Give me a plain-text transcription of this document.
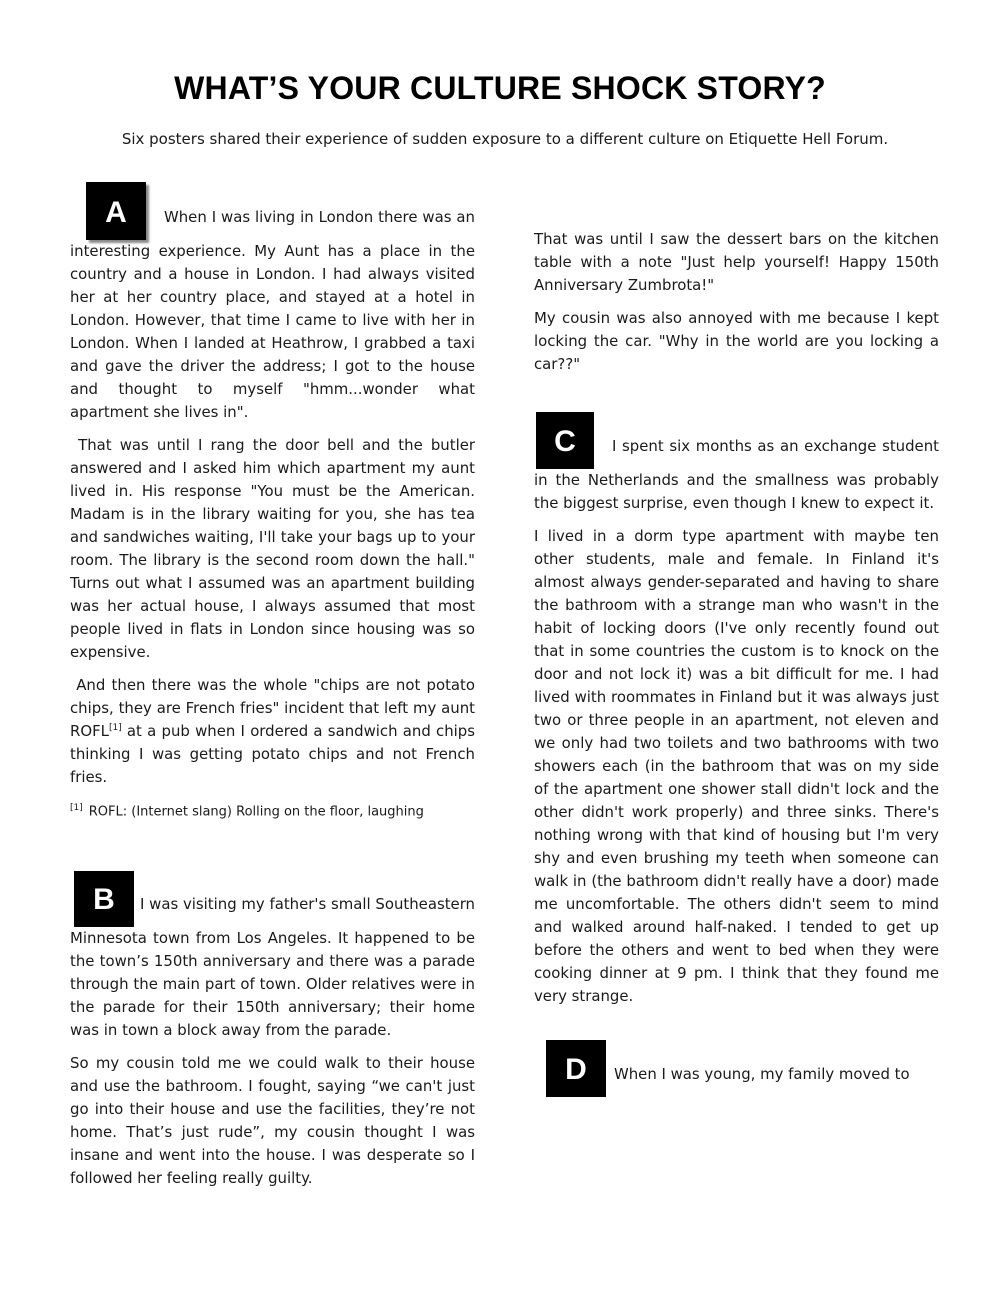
WHAT’S YOUR CULTURE SHOCK STORY?

Six posters shared their experience of sudden exposure to a different culture on Etiquette Hell Forum.

A When I was living in London there was an interesting experience. My Aunt has a place in the country and a house in London. I had always visited her at her country place, and stayed at a hotel in London. However, that time I came to live with her in London. When I landed at Heathrow, I grabbed a taxi and gave the driver the address; I got to the house and thought to myself "hmm...wonder what apartment she lives in".

That was until I rang the door bell and the butler answered and I asked him which apartment my aunt lived in. His response "You must be the American. Madam is in the library waiting for you, she has tea and sandwiches waiting, I'll take your bags up to your room. The library is the second room down the hall." Turns out what I assumed was an apartment building was her actual house, I always assumed that most people lived in flats in London since housing was so expensive.

And then there was the whole "chips are not potato chips, they are French fries" incident that left my aunt ROFL[1] at a pub when I ordered a sandwich and chips thinking I was getting potato chips and not French fries.

[1] ROFL: (Internet slang) Rolling on the floor, laughing

B I was visiting my father's small Southeastern Minnesota town from Los Angeles. It happened to be the town’s 150th anniversary and there was a parade through the main part of town. Older relatives were in the parade for their 150th anniversary; their home was in town a block away from the parade.

So my cousin told me we could walk to their house and use the bathroom. I fought, saying “we can't just go into their house and use the facilities, they’re not home. That’s just rude”, my cousin thought I was insane and went into the house. I was desperate so I followed her feeling really guilty.

That was until I saw the dessert bars on the kitchen table with a note "Just help yourself! Happy 150th Anniversary Zumbrota!"

My cousin was also annoyed with me because I kept locking the car. "Why in the world are you locking a car??"

C I spent six months as an exchange student in the Netherlands and the smallness was probably the biggest surprise, even though I knew to expect it.

I lived in a dorm type apartment with maybe ten other students, male and female. In Finland it's almost always gender-separated and having to share the bathroom with a strange man who wasn't in the habit of locking doors (I've only recently found out that in some countries the custom is to knock on the door and not lock it) was a bit difficult for me. I had lived with roommates in Finland but it was always just two or three people in an apartment, not eleven and we only had two toilets and two bathrooms with two showers each (in the bathroom that was on my side of the apartment one shower stall didn't lock and the other didn't work properly) and three sinks. There's nothing wrong with that kind of housing but I'm very shy and even brushing my teeth when someone can walk in (the bathroom didn't really have a door) made me uncomfortable. The others didn't seem to mind and walked around half-naked. I tended to get up before the others and went to bed when they were cooking dinner at 9 pm. I think that they found me very strange.

D When I was young, my family moved to
